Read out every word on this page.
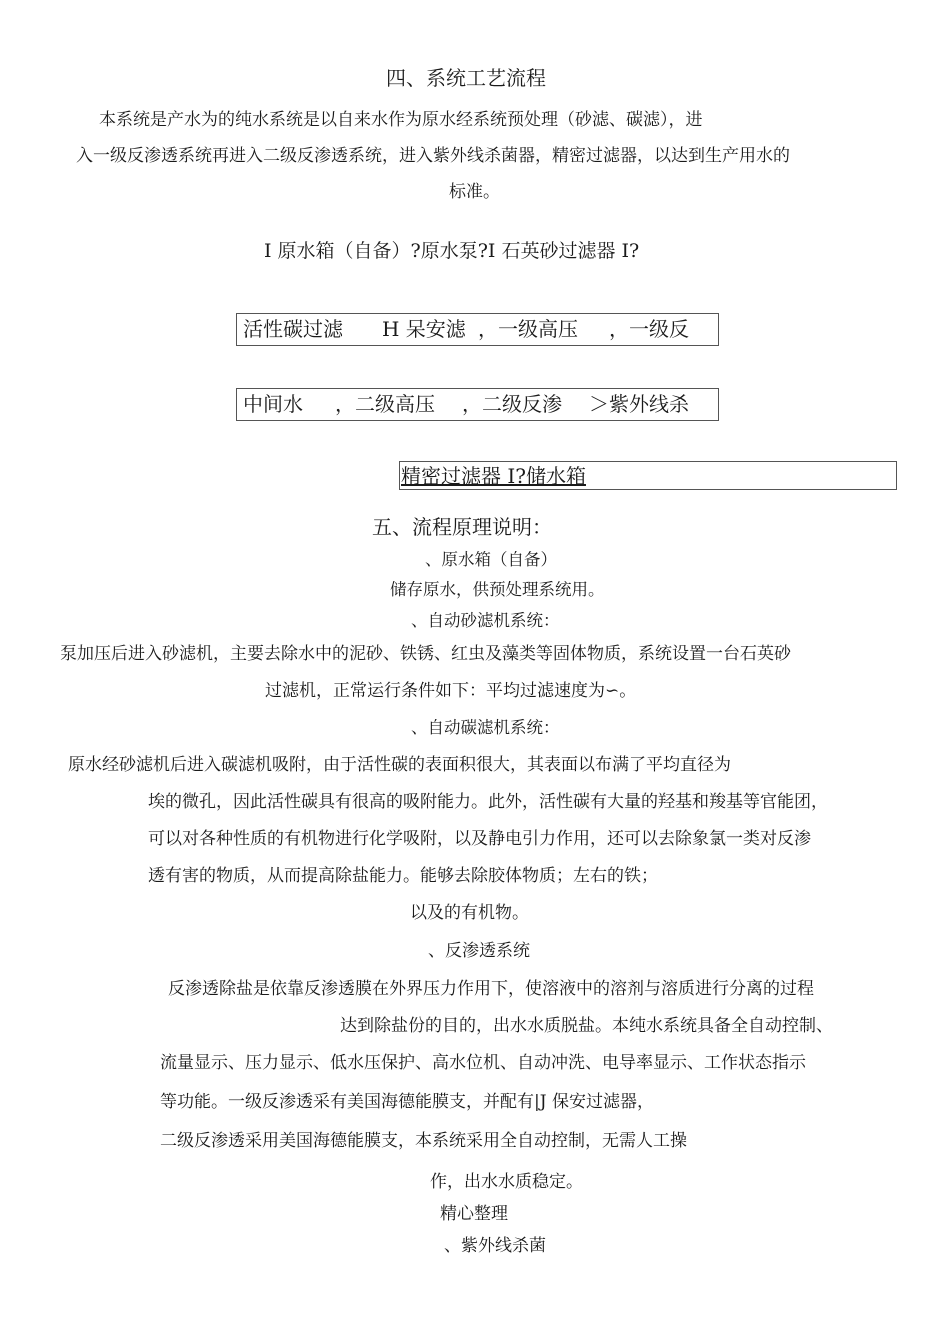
四、系统工艺流程
本系统是产水为的纯水系统是以自来水作为原水经系统预处理（砂滤、碳滤），进
入一级反渗透系统再进入二级反渗透系统，进入紫外线杀菌器，精密过滤器，以达到生产用水的
标准。
I 原水箱（自备）?原水泵?I 石英砂过滤器 I?
活性碳过滤 H 呆安滤 ，一级高压 ，一级反
中间水 ，二级高压 ，二级反渗 ＞紫外线杀
精密过滤器 I?储水箱
五、流程原理说明：
、原水箱（自备）
储存原水，供预处理系统用。
、自动砂滤机系统：
泵加压后进入砂滤机，主要去除水中的泥砂、铁锈、红虫及藻类等固体物质，系统设置一台石英砂
过滤机，正常运行条件如下：平均过滤速度为∽。
、自动碳滤机系统：
原水经砂滤机后进入碳滤机吸附，由于活性碳的表面积很大，其表面以布满了平均直径为
埃的微孔，因此活性碳具有很高的吸附能力。此外，活性碳有大量的羟基和羧基等官能团，
可以对各种性质的有机物进行化学吸附，以及静电引力作用，还可以去除象氯一类对反渗
透有害的物质，从而提高除盐能力。能够去除胶体物质；左右的铁；
以及的有机物。
、反渗透系统
反渗透除盐是依靠反渗透膜在外界压力作用下，使溶液中的溶剂与溶质进行分离的过程
达到除盐份的目的，出水水质脱盐。本纯水系统具备全自动控制、
流量显示、压力显示、低水压保护、高水位机、自动冲洗、电导率显示、工作状态指示
等功能。一级反渗透采有美国海德能膜支，并配有|J 保安过滤器，
二级反渗透采用美国海德能膜支，本系统采用全自动控制，无需人工操
作，出水水质稳定。
精心整理
、紫外线杀菌
